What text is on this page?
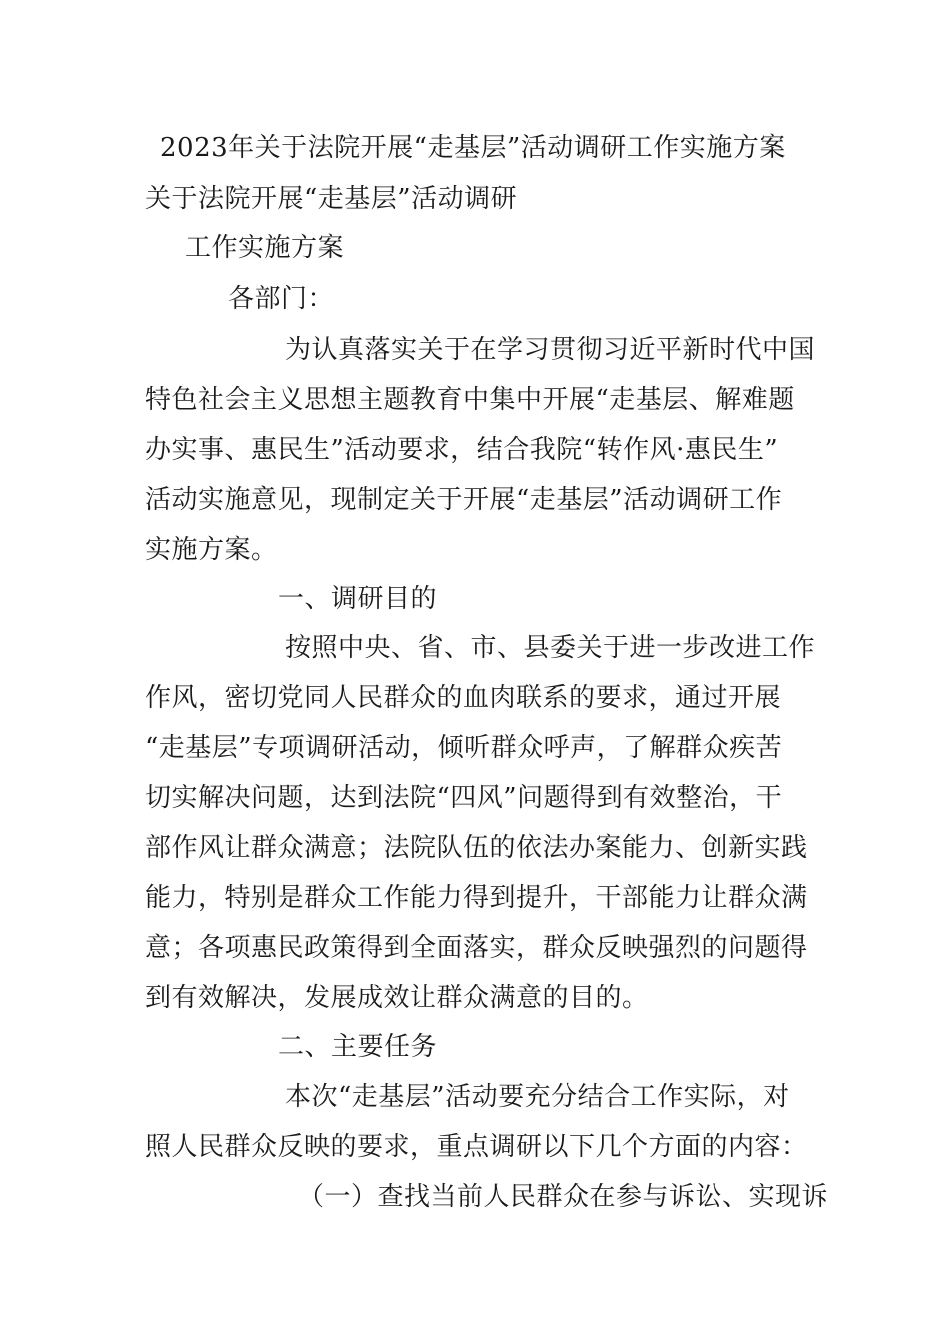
2023年关于法院开展“走基层”活动调研工作实施方案
关于法院开展“走基层”活动调研
工作实施方案
各部门：
为认真落实关于在学习贯彻习近平新时代中国
特色社会主义思想主题教育中集中开展“走基层、解难题
办实事、惠民生”活动要求，结合我院“转作风·惠民生”
活动实施意见，现制定关于开展“走基层”活动调研工作
实施方案。
一、调研目的
按照中央、省、市、县委关于进一步改进工作
作风，密切党同人民群众的血肉联系的要求，通过开展
“走基层”专项调研活动，倾听群众呼声，了解群众疾苦
切实解决问题，达到法院“四风”问题得到有效整治，干
部作风让群众满意；法院队伍的依法办案能力、创新实践
能力，特别是群众工作能力得到提升，干部能力让群众满
意；各项惠民政策得到全面落实，群众反映强烈的问题得
到有效解决，发展成效让群众满意的目的。
二、主要任务
本次“走基层”活动要充分结合工作实际，对
照人民群众反映的要求，重点调研以下几个方面的内容：
（一）查找当前人民群众在参与诉讼、实现诉
